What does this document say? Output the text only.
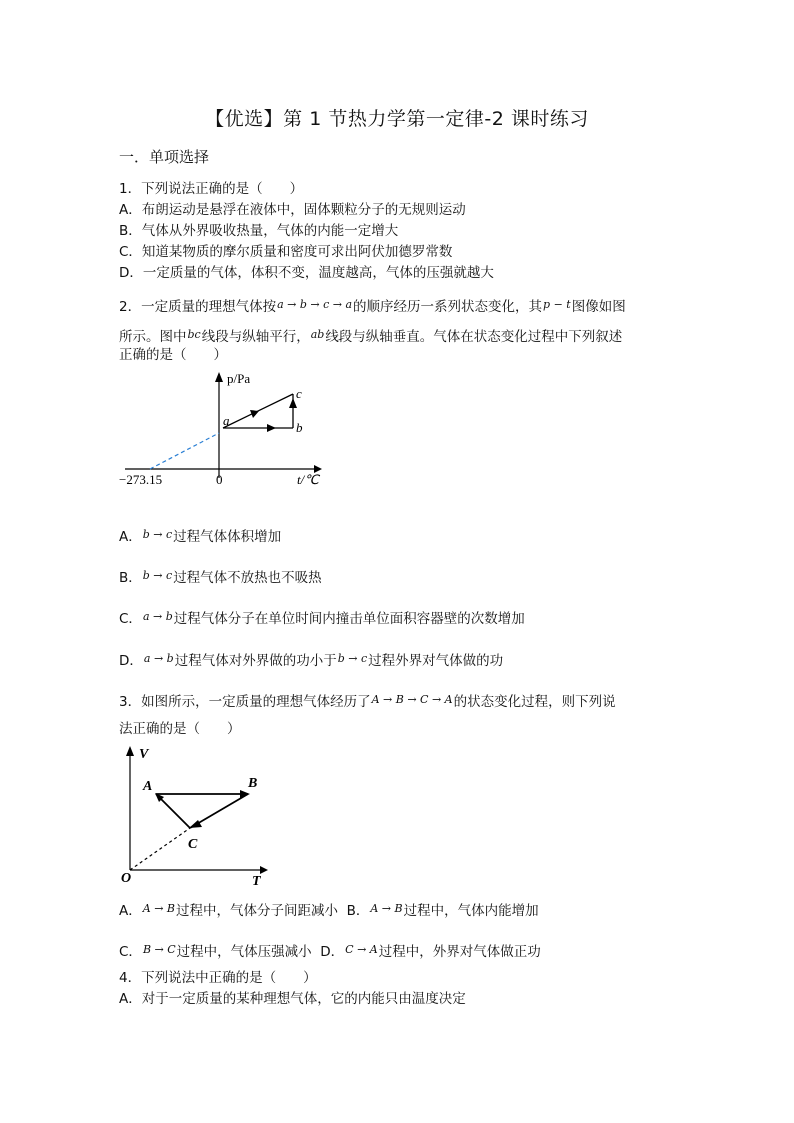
【优选】第 1 节热力学第一定律-2 课时练习
一．单项选择
1．下列说法正确的是（　　）
A．布朗运动是悬浮在液体中，固体颗粒分子的无规则运动
B．气体从外界吸收热量，气体的内能一定增大
C．知道某物质的摩尔质量和密度可求出阿伏加德罗常数
D．一定质量的气体，体积不变，温度越高，气体的压强就越大
2．一定质量的理想气体按$^{a \to b \to c \to a}$的顺序经历一系列状态变化，其$^{p - t}$图像如图
所示。图中$^{bc}$线段与纵轴平行，$^{ab}$线段与纵轴垂直。气体在状态变化过程中下列叙述
正确的是（　　）
p/Pa
t/℃
0
−273.15
a	b
c
A．$^{b \to c}$过程气体体积增加
B．$^{b \to c}$过程气体不放热也不吸热
C．$^{a \to b}$过程气体分子在单位时间内撞击单位面积容器壁的次数增加
D．$^{a \to b}$过程气体对外界做的功小于$^{b \to c}$过程外界对气体做的功
3．如图所示，一定质量的理想气体经历了$^{A \to B \to C \to A}$的状态变化过程，则下列说
法正确的是（　　）
V
T
O
A	B
C
A．$^{A \to B}$过程中，气体分子间距减小 B．$^{A \to B}$过程中，气体内能增加
C．$^{B \to C}$过程中，气体压强减小 D．$^{C \to A}$过程中，外界对气体做正功
4．下列说法中正确的是（　　）
A．对于一定质量的某种理想气体，它的内能只由温度决定
